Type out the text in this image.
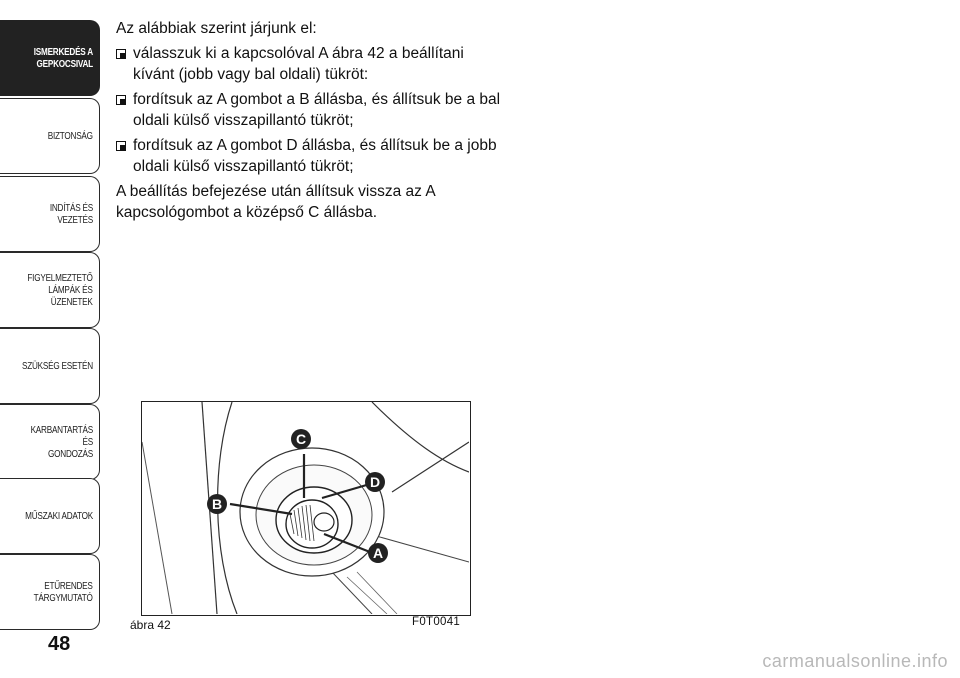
ISMERKEDÉS A
GEPKOCSIVAL
BIZTONSÁG
INDÍTÁS ÉS VEZETÉS
FIGYELMEZTETŐ
LÁMPÁK ÉS
ÜZENETEK
SZÜKSÉG ESETÉN
KARBANTARTÁS ÉS
GONDOZÁS
MŰSZAKI ADATOK
ETŰRENDES
TÁRGYMUTATÓ
48

Az alábbiak szerint járjunk el:

válasszuk ki a kapcsolóval A ábra 42 a beállítani kívánt (jobb vagy bal oldali) tükröt:
fordítsuk az A gombot a B állásba, és állítsuk be a bal oldali külső visszapillantó tükröt;
fordítsuk az A gombot D állásba, és állítsuk be a jobb oldali külső visszapillantó tükröt;

A beállítás befejezése után állítsuk vissza az A kapcsológombot a középső C állásba.

C
D
B
A
ábra 42	F0T0041
carmanualsonline.info
